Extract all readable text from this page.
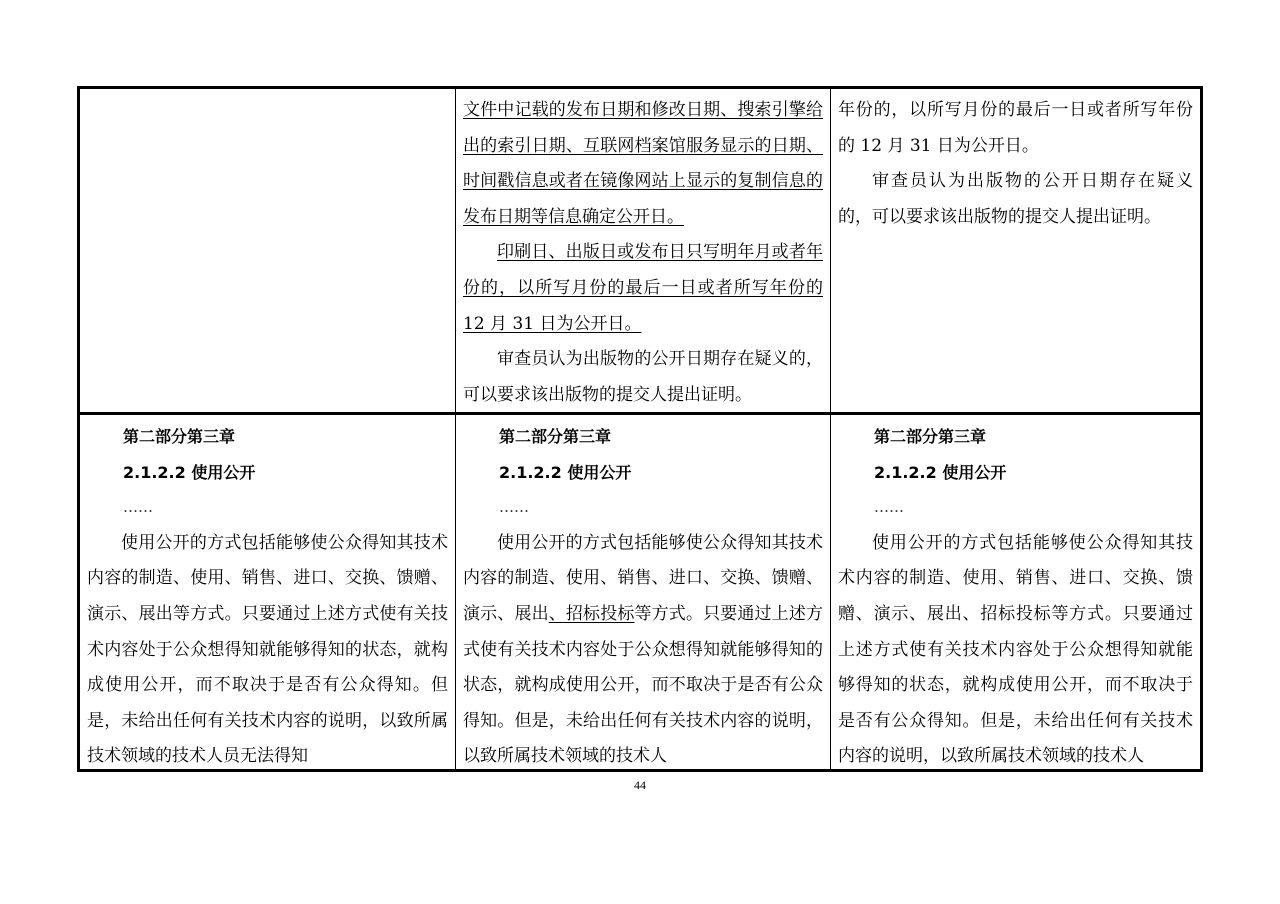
文件中记载的发布日期和修改日期、搜索引擎给出的索引日期、互联网档案馆服务显示的日期、时间戳信息或者在镜像网站上显示的复制信息的发布日期等信息确定公开日。

印刷日、出版日或发布日只写明年月或者年份的，以所写月份的最后一日或者所写年份的 12 月 31 日为公开日。

审查员认为出版物的公开日期存在疑义的，可以要求该出版物的提交人提出证明。

年份的，以所写月份的最后一日或者所写年份的 12 月 31 日为公开日。

审查员认为出版物的公开日期存在疑义的，可以要求该出版物的提交人提出证明。

第二部分第三章

2.1.2.2 使用公开

……

使用公开的方式包括能够使公众得知其技术内容的制造、使用、销售、进口、交换、馈赠、演示、展出等方式。只要通过上述方式使有关技术内容处于公众想得知就能够得知的状态，就构成使用公开，而不取决于是否有公众得知。但是，未给出任何有关技术内容的说明，以致所属技术领域的技术人员无法得知

第二部分第三章

2.1.2.2 使用公开

……

使用公开的方式包括能够使公众得知其技术内容的制造、使用、销售、进口、交换、馈赠、演示、展出、招标投标等方式。只要通过上述方式使有关技术内容处于公众想得知就能够得知的状态，就构成使用公开，而不取决于是否有公众得知。但是，未给出任何有关技术内容的说明，以致所属技术领域的技术人

第二部分第三章

2.1.2.2 使用公开

……

使用公开的方式包括能够使公众得知其技术内容的制造、使用、销售、进口、交换、馈赠、演示、展出、招标投标等方式。只要通过上述方式使有关技术内容处于公众想得知就能够得知的状态，就构成使用公开，而不取决于是否有公众得知。但是，未给出任何有关技术内容的说明，以致所属技术领域的技术人

44
